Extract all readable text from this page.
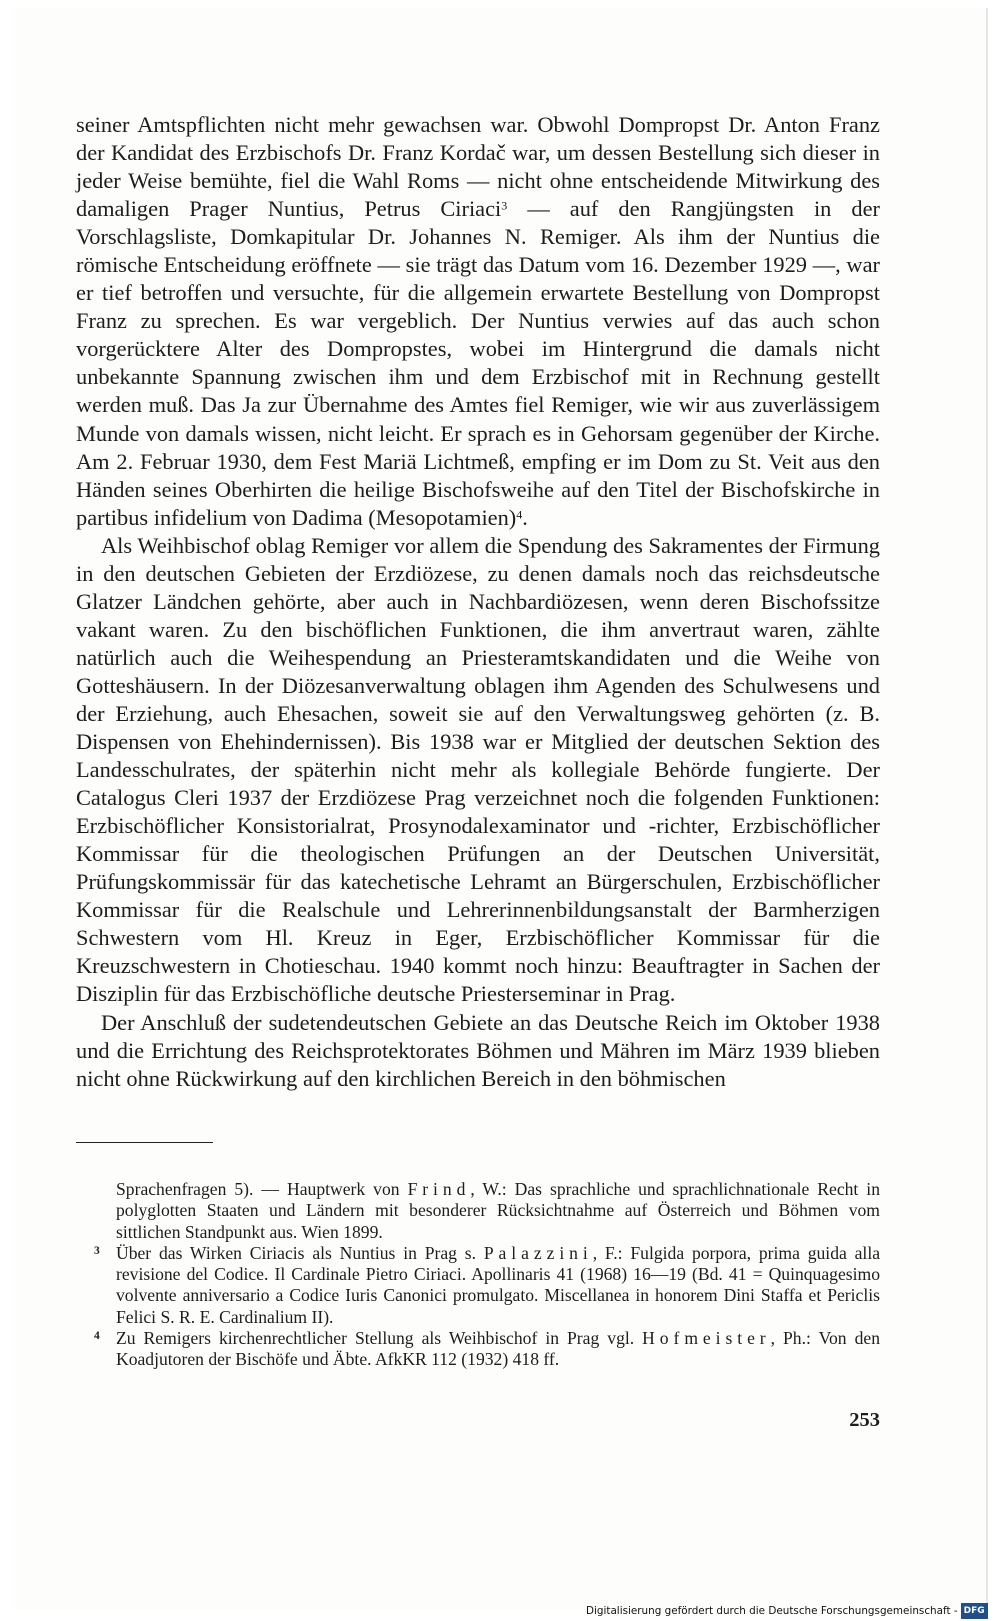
seiner Amtspflichten nicht mehr gewachsen war. Obwohl Dompropst Dr. Anton Franz der Kandidat des Erzbischofs Dr. Franz Kordač war, um dessen Bestellung sich dieser in jeder Weise bemühte, fiel die Wahl Roms — nicht ohne entscheidende Mitwirkung des damaligen Prager Nuntius, Petrus Ciriaci$^3$ — auf den Rangjüngsten in der Vorschlagsliste, Domkapitular Dr. Johannes N. Remiger. Als ihm der Nuntius die römische Entscheidung eröffnete — sie trägt das Datum vom 16. Dezember 1929 —, war er tief betroffen und versuchte, für die allgemein erwartete Bestellung von Dompropst Franz zu sprechen. Es war vergeblich. Der Nuntius verwies auf das auch schon vorgerücktere Alter des Dompropstes, wobei im Hintergrund die damals nicht unbekannte Spannung zwischen ihm und dem Erzbischof mit in Rechnung gestellt werden muß. Das Ja zur Übernahme des Amtes fiel Remiger, wie wir aus zuverlässigem Munde von damals wissen, nicht leicht. Er sprach es in Gehorsam gegenüber der Kirche. Am 2. Februar 1930, dem Fest Mariä Lichtmeß, empfing er im Dom zu St. Veit aus den Händen seines Oberhirten die heilige Bischofsweihe auf den Titel der Bischofskirche in partibus infidelium von Dadima (Mesopotamien)$^4$.

Als Weihbischof oblag Remiger vor allem die Spendung des Sakramentes der Firmung in den deutschen Gebieten der Erzdiözese, zu denen damals noch das reichsdeutsche Glatzer Ländchen gehörte, aber auch in Nachbardiözesen, wenn deren Bischofssitze vakant waren. Zu den bischöflichen Funktionen, die ihm anvertraut waren, zählte natürlich auch die Weihespendung an Priesteramtskandidaten und die Weihe von Gotteshäusern. In der Diözesanverwaltung oblagen ihm Agenden des Schulwesens und der Erziehung, auch Ehesachen, soweit sie auf den Verwaltungsweg gehörten (z. B. Dispensen von Ehehindernissen). Bis 1938 war er Mitglied der deutschen Sektion des Landesschulrates, der späterhin nicht mehr als kollegiale Behörde fungierte. Der Catalogus Cleri 1937 der Erzdiözese Prag verzeichnet noch die folgenden Funktionen: Erzbischöflicher Konsistorialrat, Prosynodalexaminator und -richter, Erzbischöflicher Kommissar für die theologischen Prüfungen an der Deutschen Universität, Prüfungskommissär für das katechetische Lehramt an Bürgerschulen, Erzbischöflicher Kommissar für die Realschule und Lehrerinnenbildungsanstalt der Barmherzigen Schwestern vom Hl. Kreuz in Eger, Erzbischöflicher Kommissar für die Kreuzschwestern in Chotieschau. 1940 kommt noch hinzu: Beauftragter in Sachen der Disziplin für das Erzbischöfliche deutsche Priesterseminar in Prag.

Der Anschluß der sudetendeutschen Gebiete an das Deutsche Reich im Oktober 1938 und die Errichtung des Reichsprotektorates Böhmen und Mähren im März 1939 blieben nicht ohne Rückwirkung auf den kirchlichen Bereich in den böhmischen

Sprachenfragen 5). — Hauptwerk von Frind, W.: Das sprachliche und sprachlichnationale Recht in polyglotten Staaten und Ländern mit besonderer Rücksichtnahme auf Österreich und Böhmen vom sittlichen Standpunkt aus. Wien 1899.

3 Über das Wirken Ciriacis als Nuntius in Prag s. Palazzini, F.: Fulgida porpora, prima guida alla revisione del Codice. Il Cardinale Pietro Ciriaci. Apollinaris 41 (1968) 16—19 (Bd. 41 = Quinquagesimo volvente anniversario a Codice Iuris Canonici promulgato. Miscellanea in honorem Dini Staffa et Periclis Felici S. R. E. Cardinalium II).

4 Zu Remigers kirchenrechtlicher Stellung als Weihbischof in Prag vgl. Hofmeister, Ph.: Von den Koadjutoren der Bischöfe und Äbte. AfkKR 112 (1932) 418 ff.

253
Digitalisierung gefördert durch die Deutsche Forschungsgemeinschaft - DFG
